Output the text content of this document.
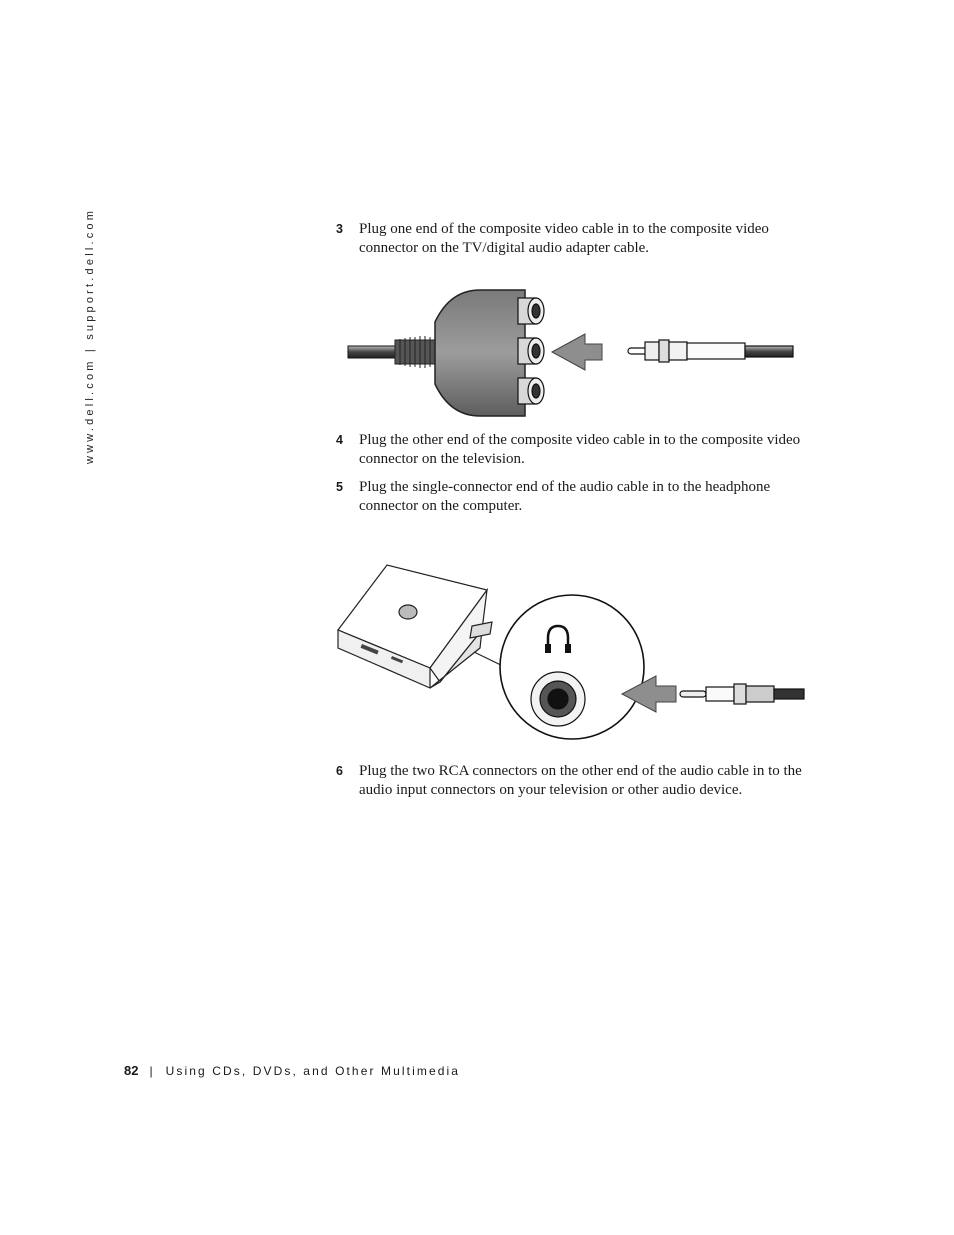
www.dell.com | support.dell.com	3 Plug one end of the composite video cable in to the composite video connector on the TV/digital audio adapter cable.
4 Plug the other end of the composite video cable in to the composite video connector on the television.
5 Plug the single-connector end of the audio cable in to the headphone connector on the computer.
6 Plug the two RCA connectors on the other end of the audio cable in to the audio input connectors on your television or other audio device.
82 | Using CDs, DVDs, and Other Multimedia
